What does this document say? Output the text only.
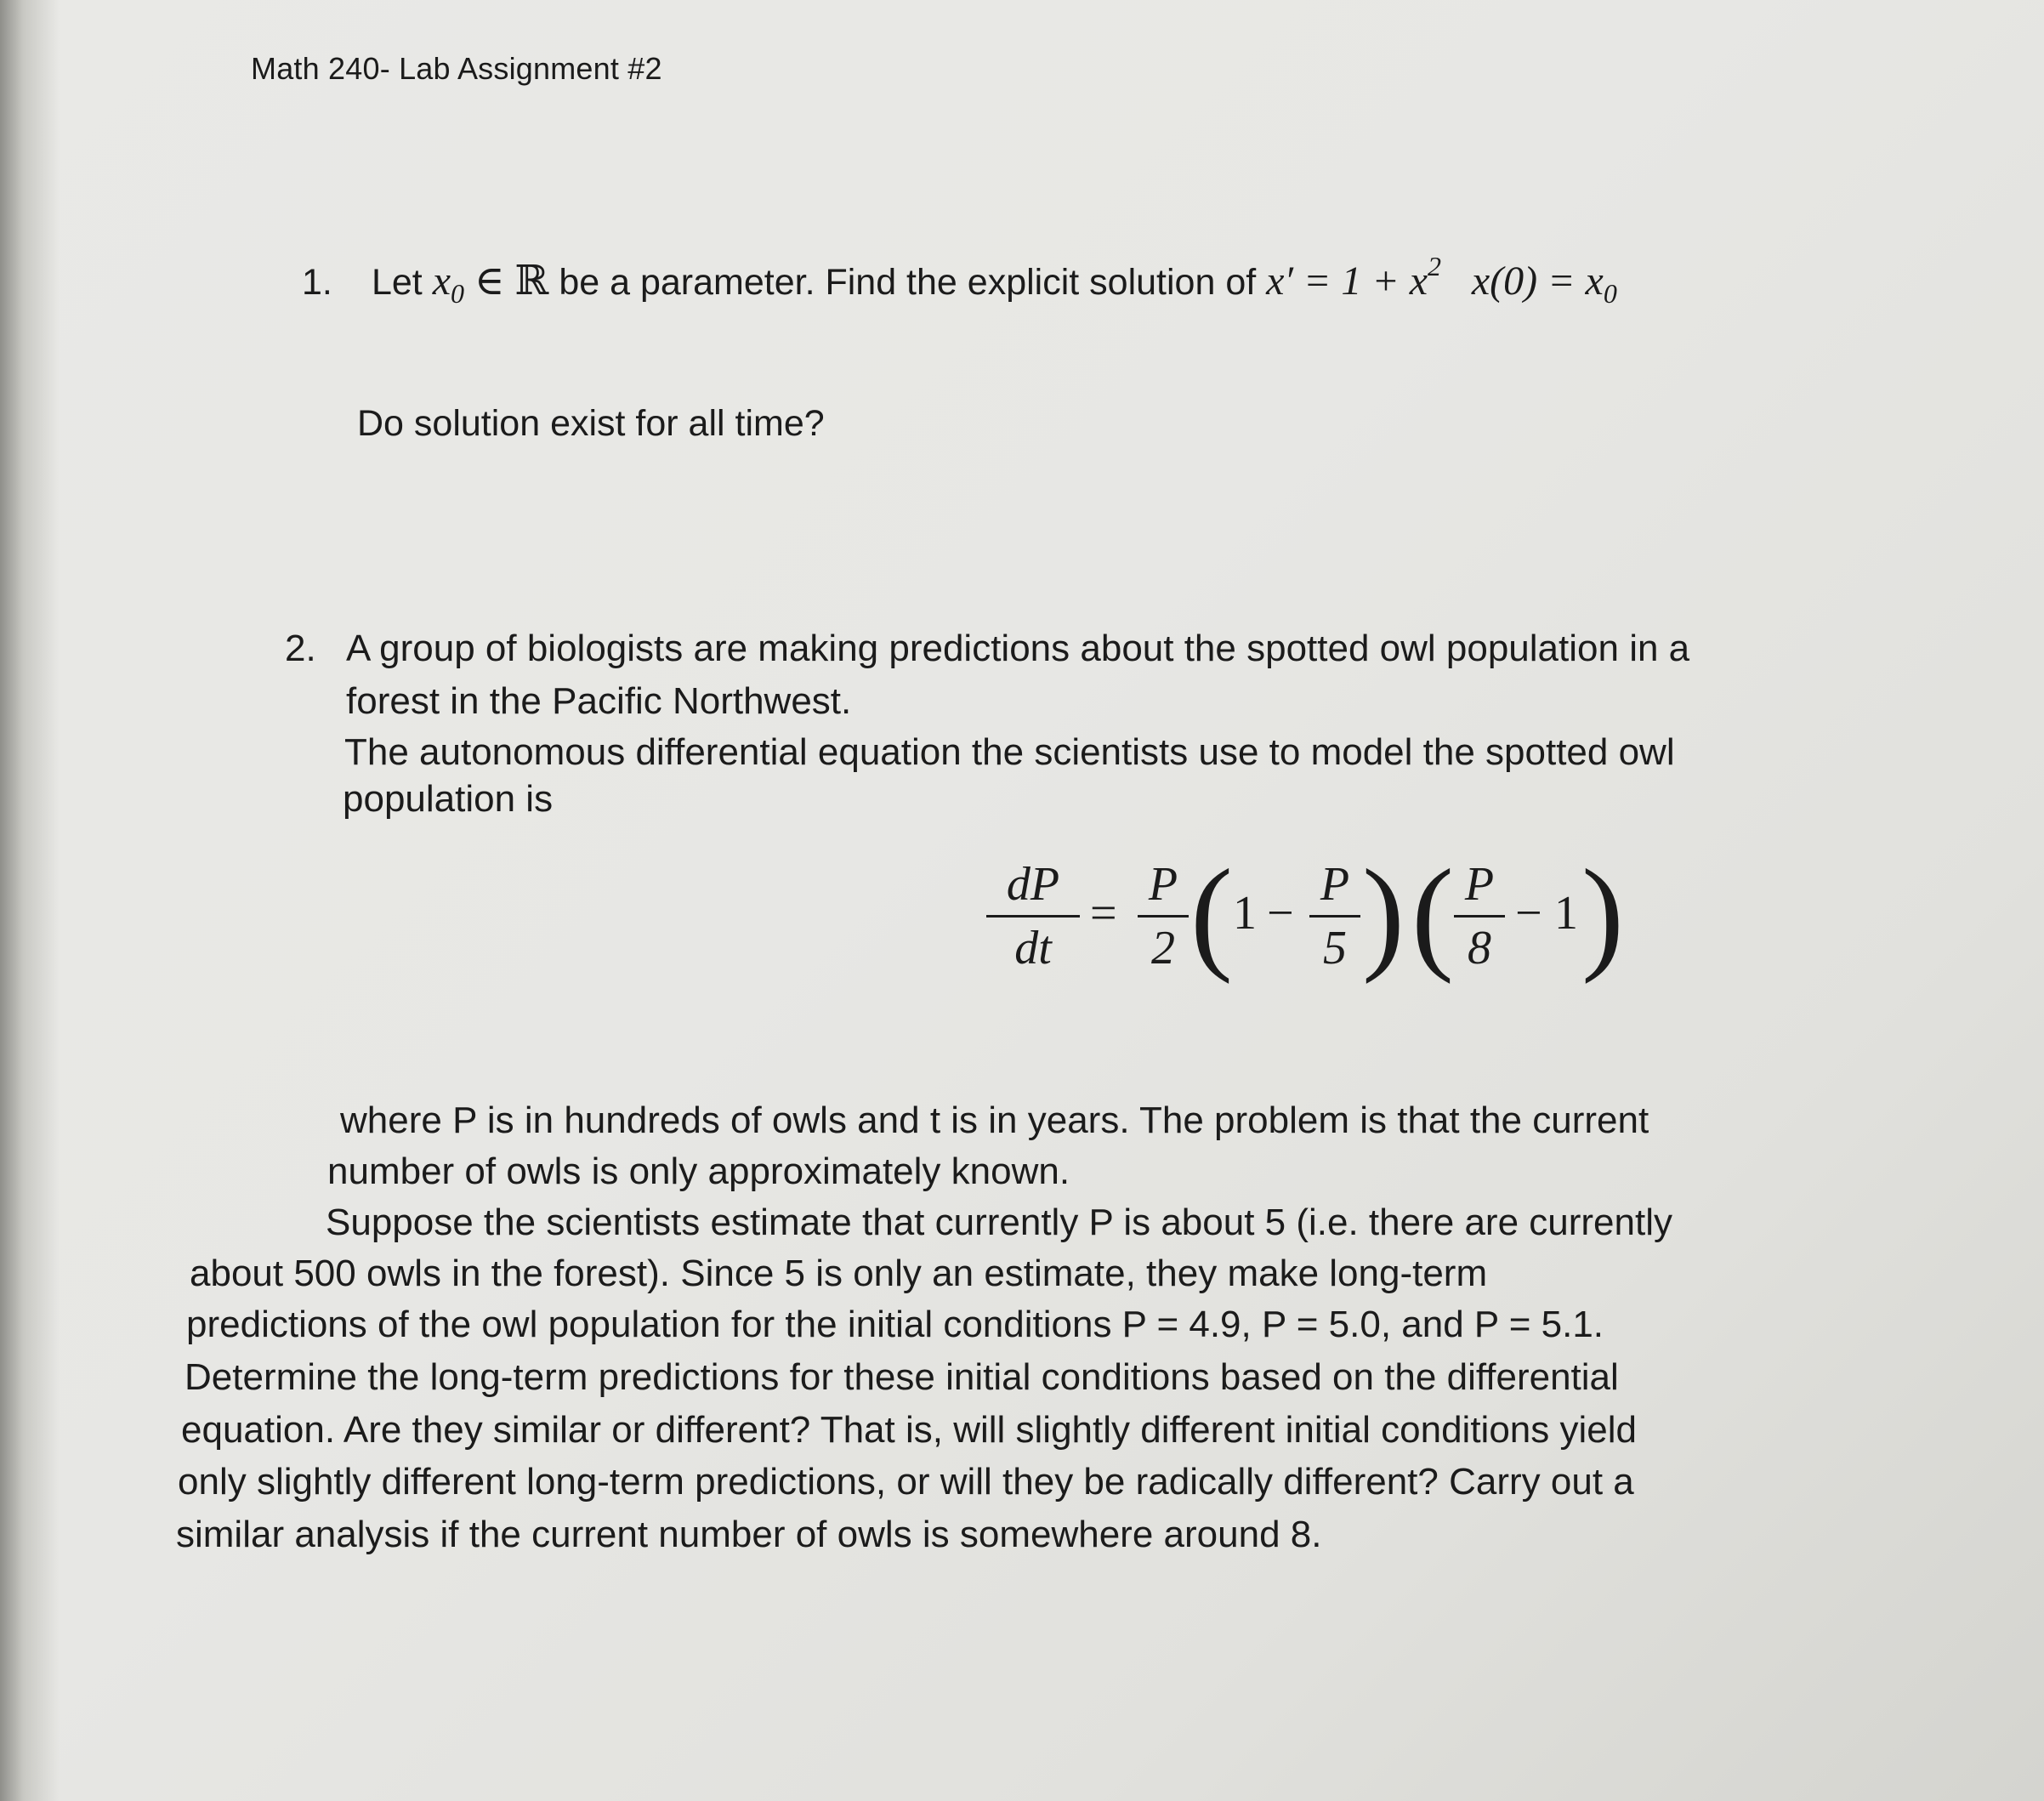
Math 240- Lab Assignment #2
1. Let $x_0$ ∈ ℝ be a parameter. Find the explicit solution of $x' = 1 + x^2$ $x(0) = x_0$
Do solution exist for all time?
2. A group of biologists are making predictions about the spotted owl population in a
forest in the Pacific Northwest.
The autonomous differential equation the scientists use to model the spotted owl
population is
dP
dt
=
P
2 ( 1 −
P
5 ) ( P
8
− 1 )
where P is in hundreds of owls and t is in years. The problem is that the current
number of owls is only approximately known.
Suppose the scientists estimate that currently P is about 5 (i.e. there are currently
about 500 owls in the forest). Since 5 is only an estimate, they make long-term
predictions of the owl population for the initial conditions P = 4.9, P = 5.0, and P = 5.1.
Determine the long-term predictions for these initial conditions based on the differential
equation. Are they similar or different? That is, will slightly different initial conditions yield
only slightly different long-term predictions, or will they be radically different? Carry out a
similar analysis if the current number of owls is somewhere around 8.
